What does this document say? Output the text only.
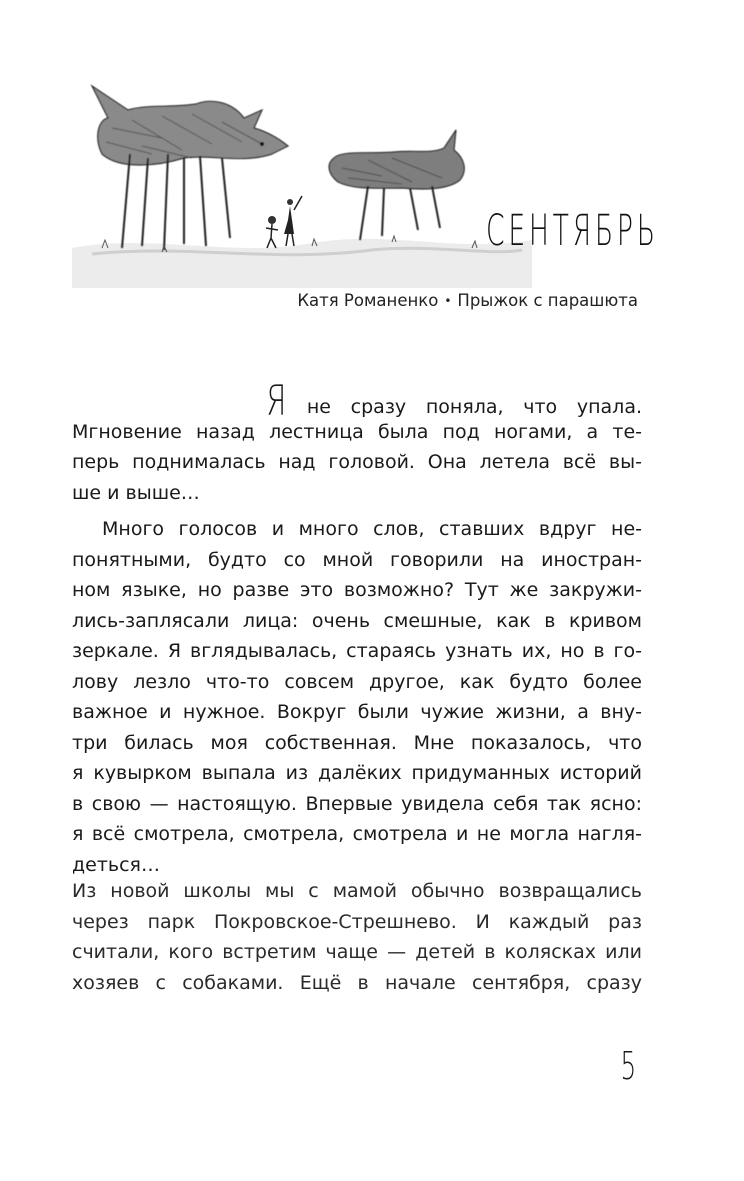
СЕНТЯБРЬ
Катя Романенко • Прыжок с парашюта
Я не сразу поняла, что упала.
Мгновение назад лестница была под ногами, а те-
перь поднималась над головой. Она летела всё вы-
ше и выше…
Много голосов и много слов, ставших вдруг не-
понятными, будто со мной говорили на иностран-
ном языке, но разве это возможно? Тут же закружи-
лись-заплясали лица: очень смешные, как в кривом
зеркале. Я вглядывалась, стараясь узнать их, но в го-
лову лезло что-то совсем другое, как будто более
важное и нужное. Вокруг были чужие жизни, а вну-
три билась моя собственная. Мне показалось, что
я кувырком выпала из далёких придуманных историй
в свою — настоящую. Впервые увидела себя так ясно:
я всё смотрела, смотрела, смотрела и не могла нагля-
деться…
Из новой школы мы с мамой обычно возвращались
через парк Покровское-Стрешнево. И каждый раз
считали, кого встретим чаще — детей в колясках или
хозяев с собаками. Ещё в начале сентября, сразу
5
